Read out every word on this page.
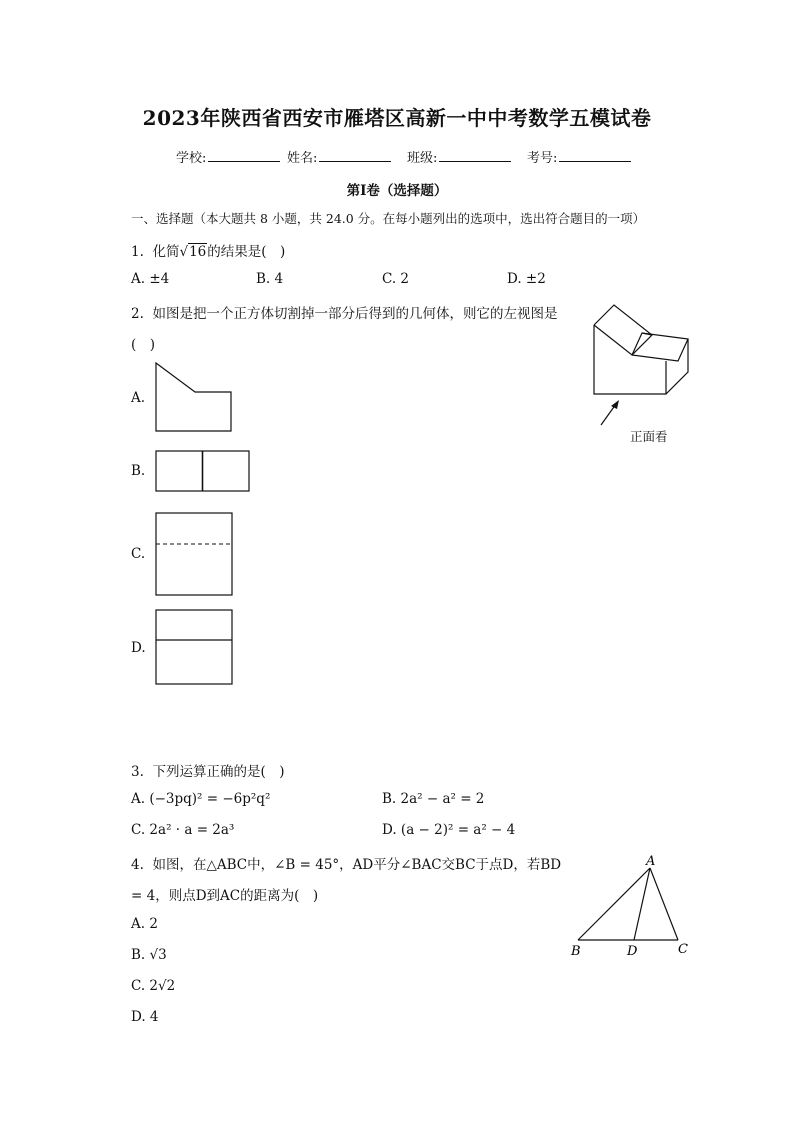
2023年陕西省西安市雁塔区高新一中中考数学五模试卷
学校:	姓名:	班级:	考号:
第I卷（选择题）
一、选择题（本大题共 8 小题，共 24.0 分。在每小题列出的选项中，选出符合题目的一项）
1. 化简√16的结果是(　)
A. ±4	B. 4	C. 2	D. ±2
2. 如图是把一个正方体切割掉一部分后得到的几何体，则它的左视图是
(　)
正面看
A.
B.
C.
D.
3. 下列运算正确的是(　)
A. (−3pq)² = −6p²q²	B. 2a² − a² = 2
C. 2a² · a = 2a³	D. (a − 2)² = a² − 4
4. 如图，在△ABC中，∠B = 45°，AD平分∠BAC交BC于点D，若BD
= 4，则点D到AC的距离为(　)
A. 2
B. √3
C. 2√2
D. 4
A
B	D	C
